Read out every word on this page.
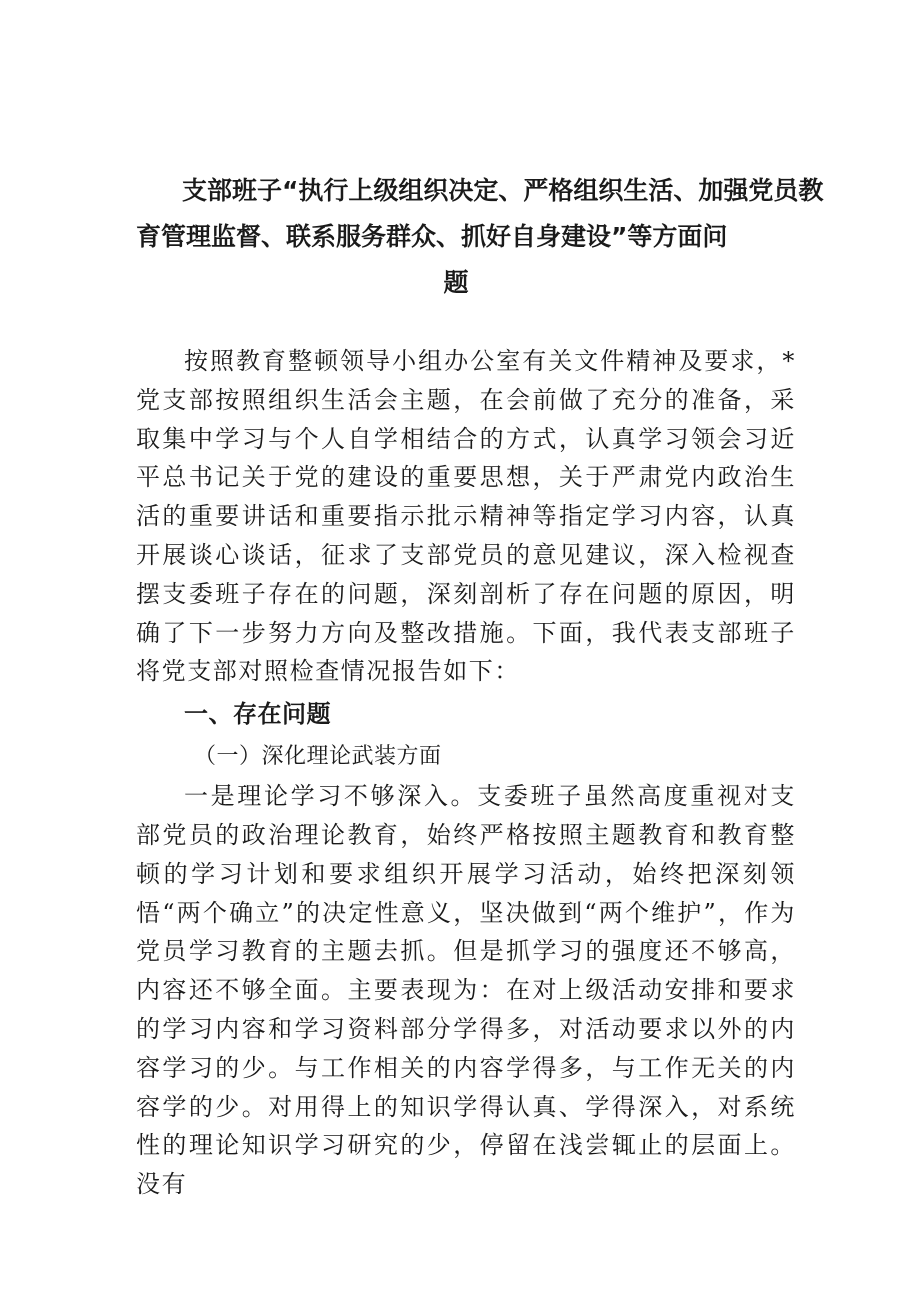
支部班子“执行上级组织决定、严格组织生活、加强党员教
育管理监督、联系服务群众、抓好自身建设”等方面问
题

按照教育整顿领导小组办公室有关文件精神及要求，*党支部按照组织生活会主题，在会前做了充分的准备，采取集中学习与个人自学相结合的方式，认真学习领会习近平总书记关于党的建设的重要思想，关于严肃党内政治生活的重要讲话和重要指示批示精神等指定学习内容，认真开展谈心谈话，征求了支部党员的意见建议，深入检视查摆支委班子存在的问题，深刻剖析了存在问题的原因，明确了下一步努力方向及整改措施。下面，我代表支部班子将党支部对照检查情况报告如下：

一、存在问题

（一）深化理论武装方面

一是理论学习不够深入。支委班子虽然高度重视对支部党员的政治理论教育，始终严格按照主题教育和教育整顿的学习计划和要求组织开展学习活动，始终把深刻领悟“两个确立”的决定性意义，坚决做到“两个维护”，作为党员学习教育的主题去抓。但是抓学习的强度还不够高，内容还不够全面。主要表现为：在对上级活动安排和要求的学习内容和学习资料部分学得多，对活动要求以外的内容学习的少。与工作相关的内容学得多，与工作无关的内容学的少。对用得上的知识学得认真、学得深入，对系统性的理论知识学习研究的少，停留在浅尝辄止的层面上。没有
